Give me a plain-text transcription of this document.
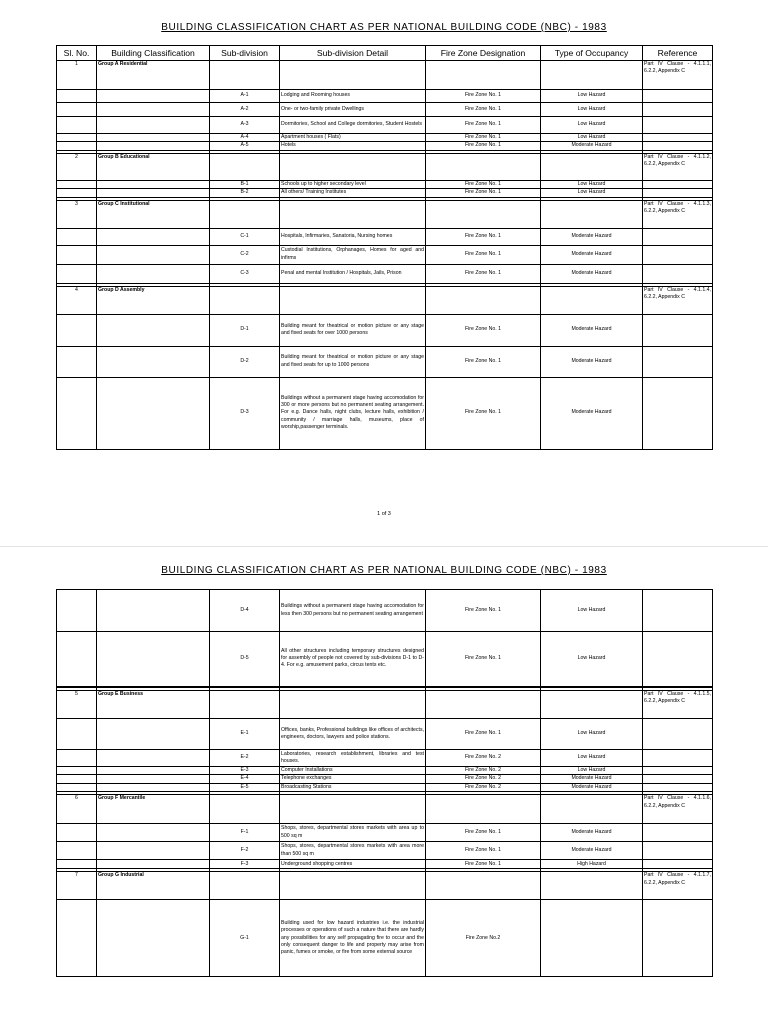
BUILDING CLASSIFICATION CHART AS PER NATIONAL BUILDING CODE (NBC) - 1983
Sl. No.	Building Classification	Sub-division	Sub-division Detail	Fire Zone Designation	Type of Occupancy	Reference
1	Group A Residential					Part IV Clause - 4.1.1.1, 6.2.2, Appendix C
		A-1	Lodging and Rooming houses	Fire Zone No. 1	Low Hazard	
		A-2	One- or two-family private Dwellings	Fire Zone No. 1	Low Hazard	
		A-3	Dormitories, School and College dormitories, Student Hostels	Fire Zone No. 1	Low Hazard	
		A-4	Apartment houses ( Flats)	Fire Zone No. 1	Low Hazard	
		A-5	Hotels	Fire Zone No. 1	Moderate Hazard	

2	Group B Educational					Part IV Clause - 4.1.1.2, 6.2.2, Appendix C
		B-1	Schools up to higher secondary level	Fire Zone No. 1	Low Hazard	
		B-2	All others/ Training Institutes	Fire Zone No. 1	Low Hazard	

3	Group C Institutional					Part IV Clause - 4.1.1.3, 6.2.2, Appendix C
		C-1	Hospitals, Infirmaries, Sanatoria, Nursing homes	Fire Zone No. 1	Moderate Hazard	
		C-2	Custodial Institutions, Orphanages, Homes for aged and infirms	Fire Zone No. 1	Moderate Hazard	
		C-3	Penal and mental Institution / Hospitals, Jails, Prison	Fire Zone No. 1	Moderate Hazard	

4	Group D Assembly					Part IV Clause - 4.1.1.4, 6.2.2, Appendix C
		D-1	Building meant for theatrical or motion picture or any stage and fixed seats for over 1000 persons	Fire Zone No. 1	Moderate Hazard	
		D-2	Building meant for theatrical or motion picture or any stage and fixed seats for up to 1000 persons	Fire Zone No. 1	Moderate Hazard	
		D-3	Buildings without a permanent stage having accomodation for 300 or more persons but no permanent seating arrangement. For e.g. Dance halls, night clubs, lecture halls, exhibition / community / marriage halls, museums, place of worship,passenger terminals.	Fire Zone No. 1	Moderate Hazard	
1 of 3
BUILDING CLASSIFICATION CHART AS PER NATIONAL BUILDING CODE (NBC) - 1983
		D-4	Buildings without a permanent stage having accomodation for less then 300 persons but no permanent seating arrangement	Fire Zone No. 1	Low Hazard	
		D-5	All other structures including temporary structures designed for assembly of people not covered by sub-divisions D-1 to D-4. For e.g. amusement parks, circus tents etc.	Fire Zone No. 1	Low Hazard	

5	Group E Business					Part IV Clause - 4.1.1.5, 6.2.2, Appendix C
		E-1	Offices, banks, Professional buildings like offices of architects, engineers, doctors, lawyers and police stations.	Fire Zone No. 1	Low Hazard	
		E-2	Laboratories, research establishment, libraries and test houses.	Fire Zone No. 2	Low Hazard	
		E-3	Computer Installations	Fire Zone No. 2	Low Hazard	
		E-4	Telephone exchanges	Fire Zone No. 2	Moderate Hazard	
		E-5	Broadcasting Stations	Fire Zone No. 2	Moderate Hazard	

6	Group F Mercantile					Part IV Clause - 4.1.1.6, 6.2.2, Appendix C
		F-1	Shops, stores, departmental stores markets with area up to 500 sq m	Fire Zone No. 1	Moderate Hazard	
		F-2	Shops, stores, departmental stores markets with area more than 500 sq m	Fire Zone No. 1	Moderate Hazard	
		F-3	Underground shopping centres	Fire Zone No. 1	High Hazard	

7	Group G Industrial					Part IV Clause - 4.1.1.7, 6.2.2, Appendix C
		G-1	Building used for low hazard industries i.e. the industrial processes or operations of such a nature that there are hardly any possibilities for any self propagating fire to occur and the only consequent danger to life and property may arise from panic, fumes or smoke, or fire from some external source	Fire Zone No.2		
